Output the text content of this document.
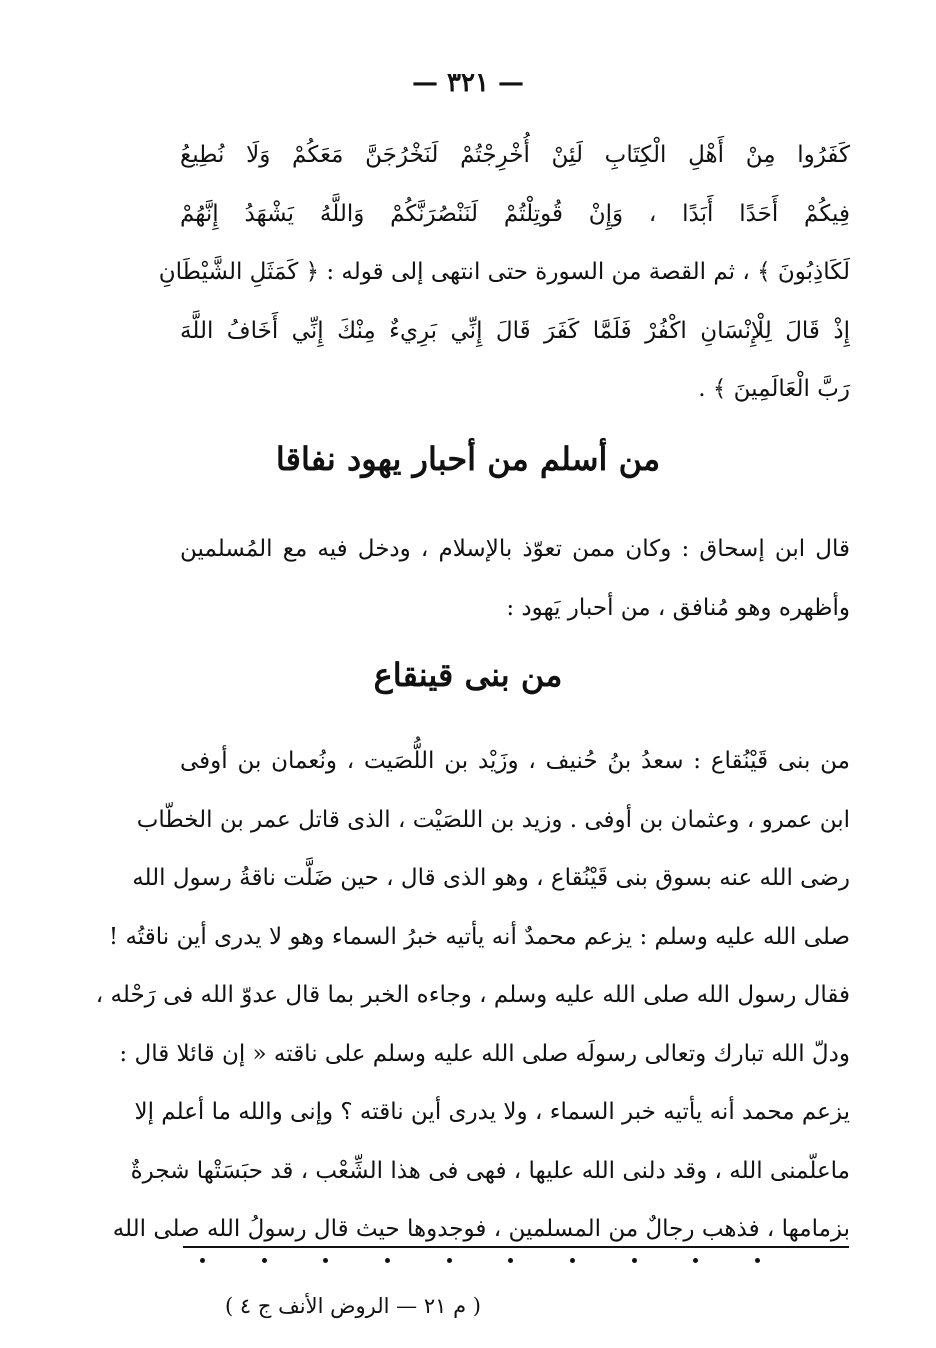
— ٣٢١ —
كَفَرُوا مِنْ أَهْلِ الْكِتَابِ لَئِنْ أُخْرِجْتُمْ لَنَخْرُجَنَّ مَعَكُمْ وَلَا نُطِيعُ
فِيكُمْ أَحَدًا أَبَدًا ، وَإِنْ قُوتِلْتُمْ لَنَنْصُرَنَّكُمْ وَاللَّهُ يَشْهَدُ إِنَّهُمْ
لَكَاذِبُونَ ﴾ ، ثم القصة من السورة حتى انتهى إلى قوله : ﴿ كَمَثَلِ الشَّيْطَانِ
إِذْ قَالَ لِلْإِنْسَانِ اكْفُرْ فَلَمَّا كَفَرَ قَالَ إِنِّي بَرِيءٌ مِنْكَ إِنِّي أَخَافُ اللَّهَ
رَبَّ الْعَالَمِينَ ﴾ .
من أسلم من أحبار يهود نفاقا
قال ابن إسحاق : وكان ممن تعوّذ بالإسلام ، ودخل فيه مع المُسلمين
وأظهره وهو مُنافق ، من أحبار يَهود :
من بنى قينقاع
من بنى قَيْنُقاع : سعدُ بنُ حُنيف ، وزَيْد بن اللُّصَيت ، ونُعمان بن أوفى
ابن عمرو ، وعثمان بن أوفى . وزيد بن اللصَيْت ، الذى قاتل عمر بن الخطّاب
رضى الله عنه بسوق بنى قَيْنُقاع ، وهو الذى قال ، حين ضَلَّت ناقةُ رسول الله
صلى الله عليه وسلم : يزعم محمدٌ أنه يأتيه خبرُ السماء وهو لا يدرى أين ناقتُه !
فقال رسول الله صلى الله عليه وسلم ، وجاءه الخبر بما قال عدوّ الله فى رَحْله ،
ودلّ الله تبارك وتعالى رسولَه صلى الله عليه وسلم على ناقته « إن قائلا قال :
يزعم محمد أنه يأتيه خبر السماء ، ولا يدرى أين ناقته ؟ وإنى والله ما أعلم إلا
ماعلّمنى الله ، وقد دلنى الله عليها ، فهى فى هذا الشِّعْب ، قد حبَسَتْها شجرةٌ
بزمامها ، فذهب رجالٌ من المسلمين ، فوجدوها حيث قال رسولُ الله صلى الله
( م ٢١ — الروض الأنف ج ٤ )
